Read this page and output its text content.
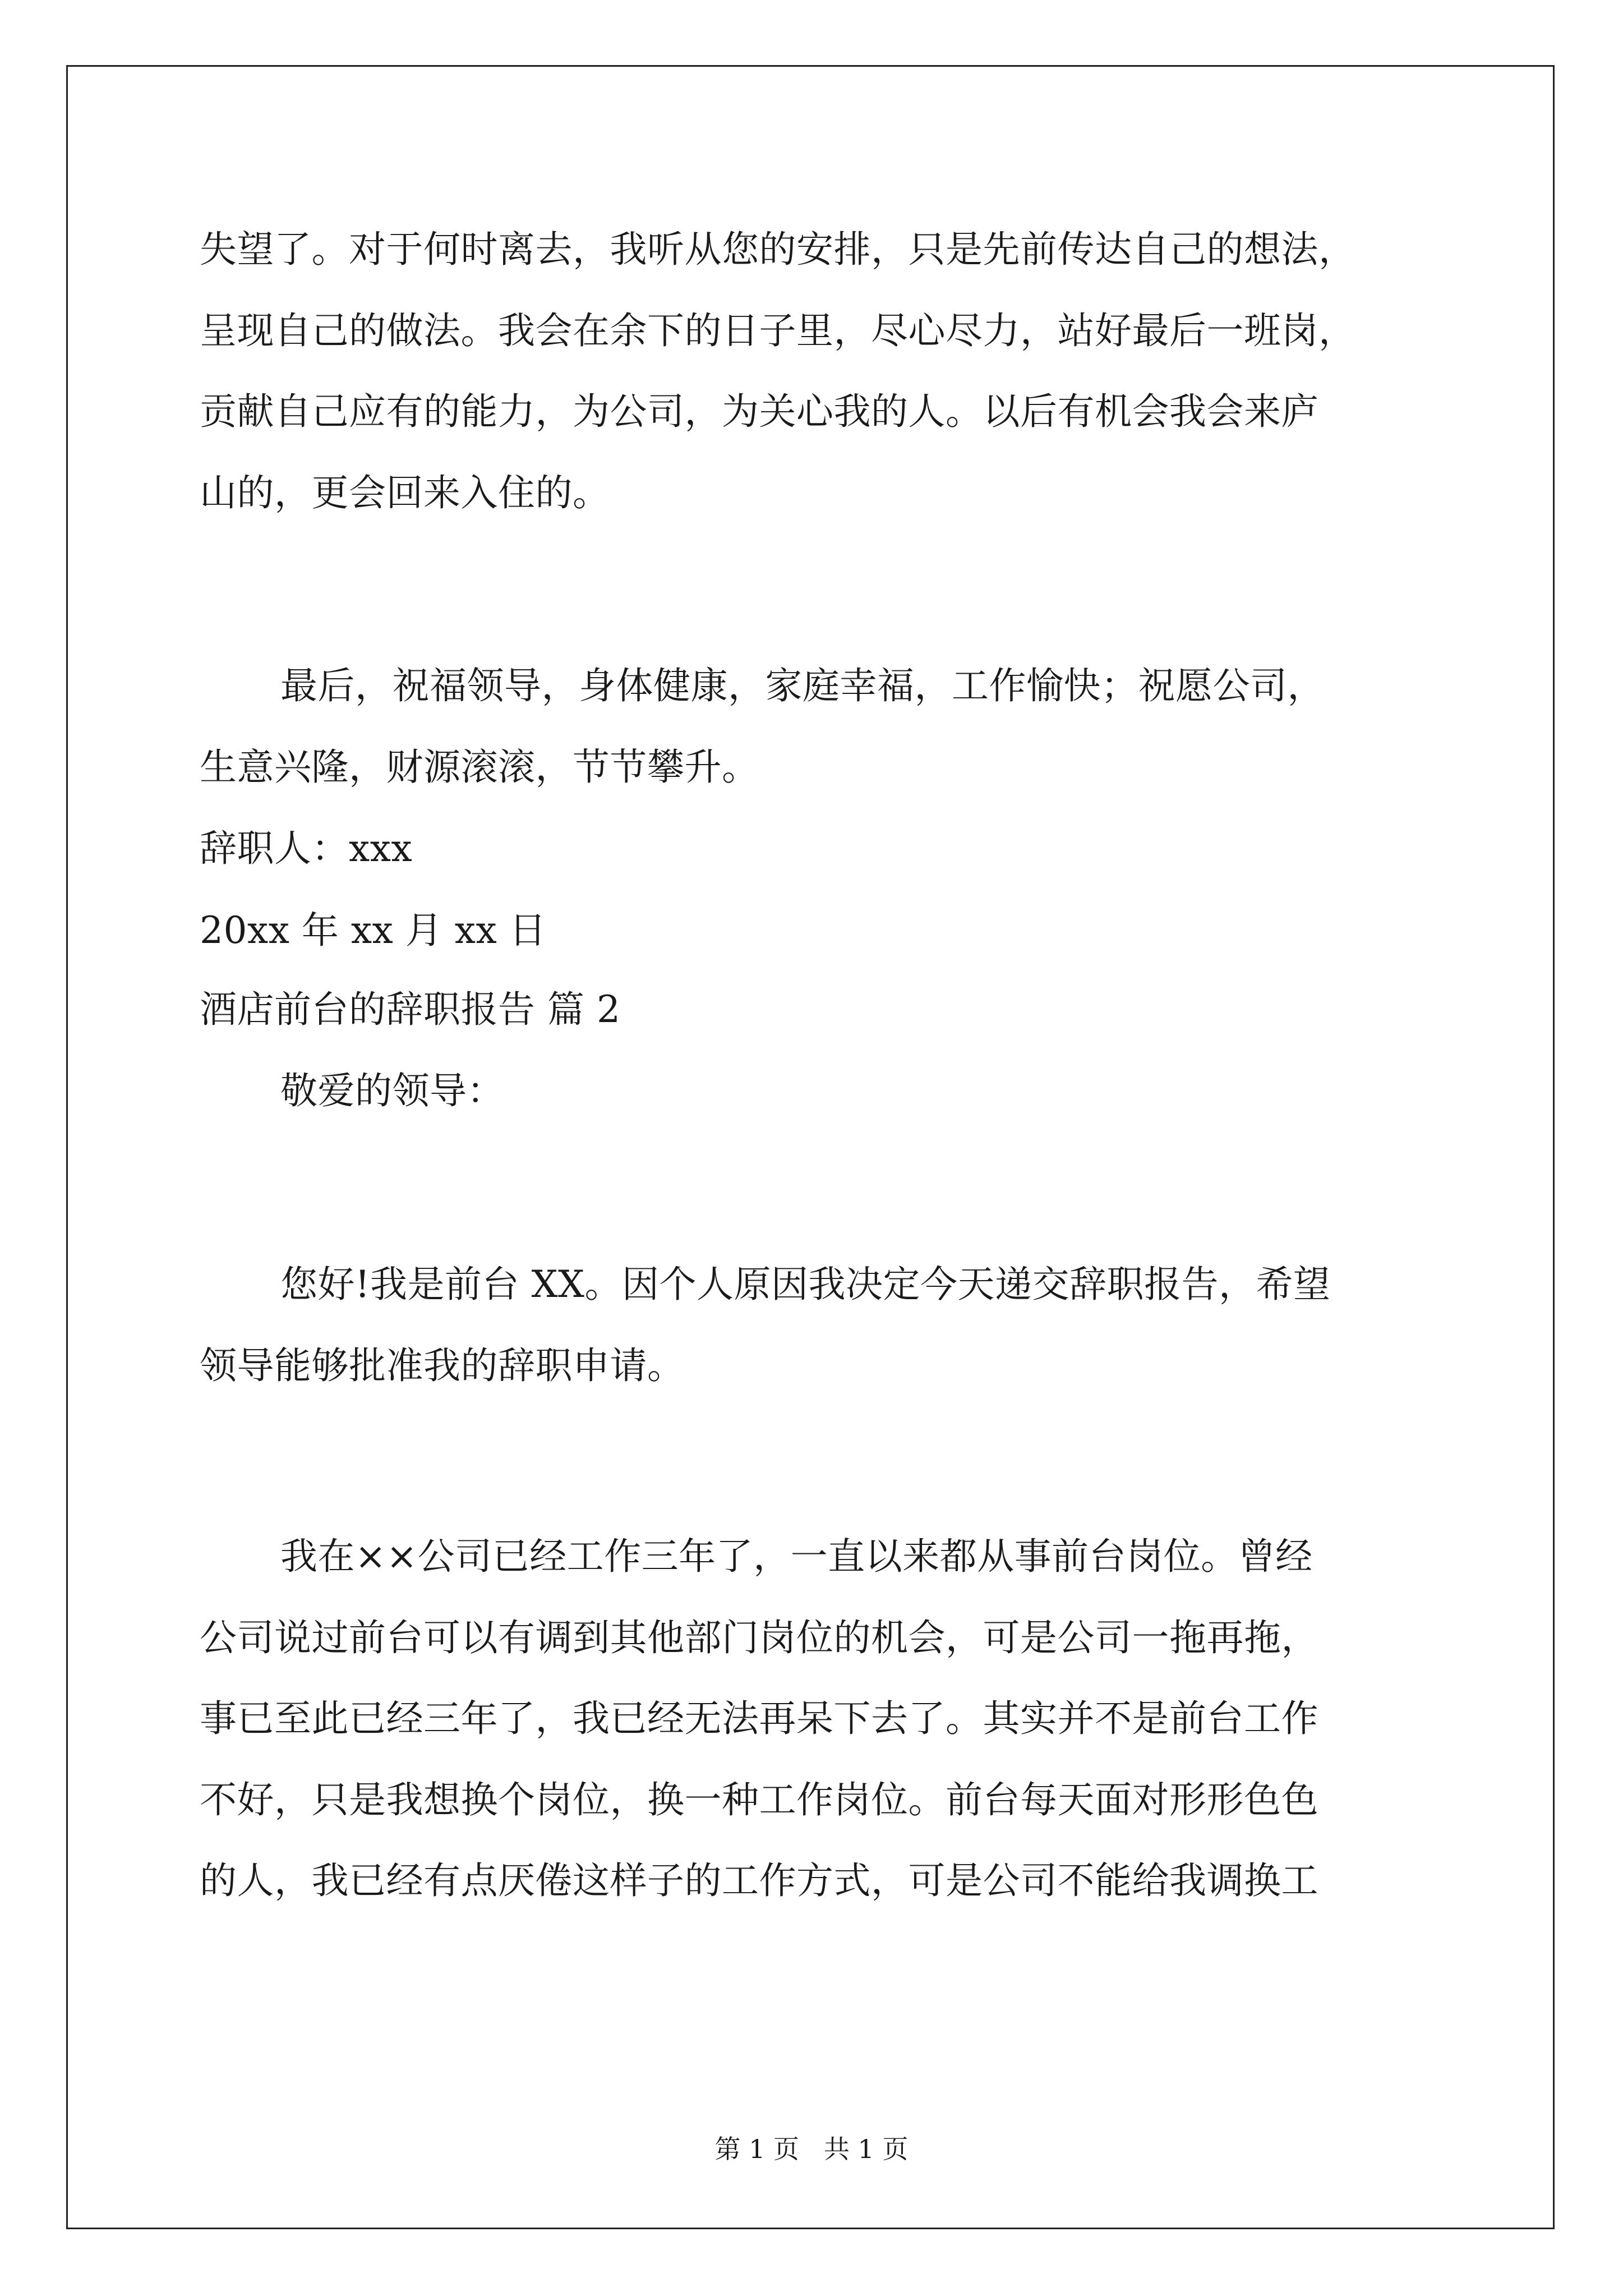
失望了。对于何时离去，我听从您的安排，只是先前传达自己的想法，
呈现自己的做法。我会在余下的日子里，尽心尽力，站好最后一班岗，
贡献自己应有的能力，为公司，为关心我的人。以后有机会我会来庐
山的，更会回来入住的。
最后，祝福领导，身体健康，家庭幸福，工作愉快；祝愿公司，
生意兴隆，财源滚滚，节节攀升。
辞职人：xxx
20xx 年 xx 月 xx 日
酒店前台的辞职报告 篇 2
敬爱的领导：
您好!我是前台 XX。因个人原因我决定今天递交辞职报告，希望
领导能够批准我的辞职申请。
我在××公司已经工作三年了，一直以来都从事前台岗位。曾经
公司说过前台可以有调到其他部门岗位的机会，可是公司一拖再拖，
事已至此已经三年了，我已经无法再呆下去了。其实并不是前台工作
不好，只是我想换个岗位，换一种工作岗位。前台每天面对形形色色
的人，我已经有点厌倦这样子的工作方式，可是公司不能给我调换工
第 1 页   共 1 页
